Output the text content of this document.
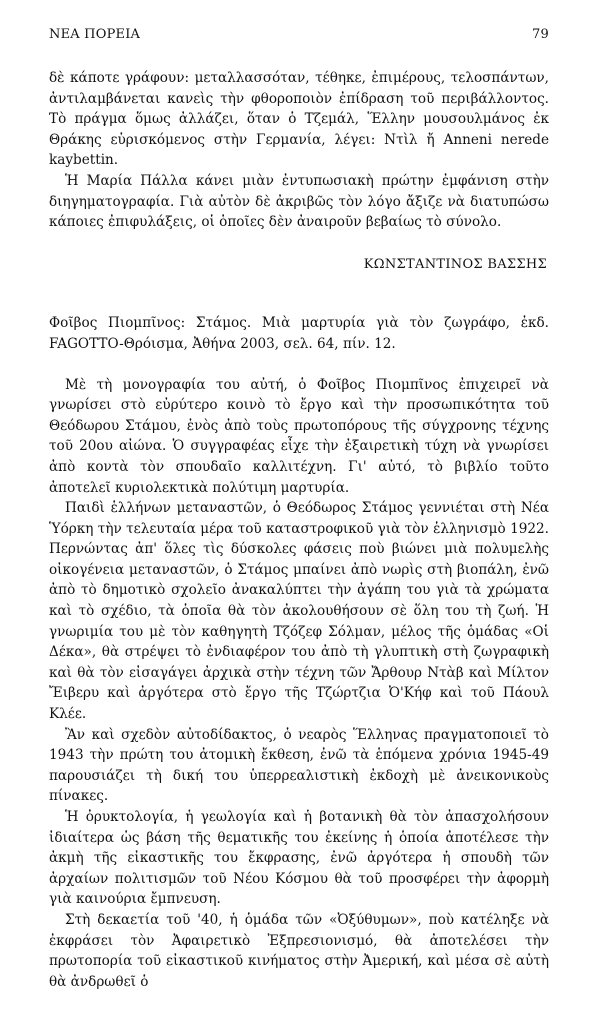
ΝΕΑ ΠΟΡΕΙΑ	79

δὲ κάποτε γράφουν: μεταλλασσόταν, τέθηκε, ἐπιμέρους, τελοσπάντων, ἀντιλαμβάνεται κανεὶς τὴν φθοροποιὸν ἐπίδραση τοῦ περιβάλλοντος. Τὸ πράγμα ὅμως ἀλλάζει, ὅταν ὁ Τζεμάλ, Ἕλλην μουσουλμάνος ἐκ Θράκης εὑρισκόμενος στὴν Γερμανία, λέγει: Ντὶλ ἤ Anneni nerede kaybettin.

Ἡ Μαρία Πάλλα κάνει μιὰν ἐντυπωσιακὴ πρώτην ἐμφάνιση στὴν διηγηματογραφία. Γιὰ αὐτὸν δὲ ἀκριβῶς τὸν λόγο ἄξιζε νὰ διατυπώσω κάποιες ἐπιφυλάξεις, οἱ ὁποῖες δὲν ἀναιροῦν βεβαίως τὸ σύνολο.

ΚΩΝΣΤΑΝΤΙΝΟΣ ΒΑΣΣΗΣ

Φοῖβος Πιομπῖνος: Στάμος. Μιὰ μαρτυρία γιὰ τὸν ζωγράφο, ἐκδ. FAGOTTO-Θρόισμα, Ἀθήνα 2003, σελ. 64, πίν. 12.

Μὲ τὴ μονογραφία του αὐτή, ὁ Φοῖβος Πιομπῖνος ἐπιχειρεῖ νὰ γνωρίσει στὸ εὐρύτερο κοινὸ τὸ ἔργο καὶ τὴν προσωπικότητα τοῦ Θεόδωρου Στάμου, ἑνὸς ἀπὸ τοὺς πρωτοπόρους τῆς σύγχρονης τέχνης τοῦ 20ου αἰώνα. Ὁ συγγραφέας εἶχε τὴν ἐξαιρετικὴ τύχη νὰ γνωρίσει ἀπὸ κοντὰ τὸν σπουδαῖο καλλιτέχνη. Γι' αὐτό, τὸ βιβλίο τοῦτο ἀποτελεῖ κυριολεκτικὰ πολύτιμη μαρτυρία.

Παιδὶ ἑλλήνων μεταναστῶν, ὁ Θεόδωρος Στάμος γεννιέται στὴ Νέα Ὑόρκη τὴν τελευταία μέρα τοῦ καταστροφικοῦ γιὰ τὸν ἑλληνισμὸ 1922. Περνώντας ἀπ' ὅλες τὶς δύσκολες φάσεις ποὺ βιώνει μιὰ πολυμελὴς οἰκογένεια μεταναστῶν, ὁ Στάμος μπαίνει ἀπὸ νωρὶς στὴ βιοπάλη, ἐνῶ ἀπὸ τὸ δημοτικὸ σχολεῖο ἀνακαλύπτει τὴν ἀγάπη του γιὰ τὰ χρώματα καὶ τὸ σχέδιο, τὰ ὁποῖα θὰ τὸν ἀκολουθήσουν σὲ ὅλη του τὴ ζωή. Ἡ γνωριμία του μὲ τὸν καθηγητὴ Τζόζεφ Σόλμαν, μέλος τῆς ὁμάδας «Οἱ Δέκα», θὰ στρέψει τὸ ἐνδιαφέρον του ἀπὸ τὴ γλυπτικὴ στὴ ζωγραφικὴ καὶ θὰ τὸν εἰσαγάγει ἀρχικὰ στὴν τέχνη τῶν Ἄρθουρ Ντὰβ καὶ Μίλτον Ἔιβερυ καὶ ἀργότερα στὸ ἔργο τῆς Τζώρτζια Ὀ'Κήφ καὶ τοῦ Πάουλ Κλέε.

Ἂν καὶ σχεδὸν αὐτοδίδακτος, ὁ νεαρὸς Ἕλληνας πραγματοποιεῖ τὸ 1943 τὴν πρώτη του ἀτομικὴ ἔκθεση, ἐνῶ τὰ ἑπόμενα χρόνια 1945-49 παρουσιάζει τὴ δική του ὑπερρεαλιστικὴ ἐκδοχὴ μὲ ἀνεικονικοὺς πίνακες.

Ἡ ὀρυκτολογία, ἡ γεωλογία καὶ ἡ βοτανικὴ θὰ τὸν ἀπασχολήσουν ἰδιαίτερα ὡς βάση τῆς θεματικῆς του ἐκείνης ἡ ὁποία ἀποτέλεσε τὴν ἀκμὴ τῆς εἰκαστικῆς του ἔκφρασης, ἐνῶ ἀργότερα ἡ σπουδὴ τῶν ἀρχαίων πολιτισμῶν τοῦ Νέου Κόσμου θὰ τοῦ προσφέρει τὴν ἀφορμὴ γιὰ καινούρια ἔμπνευση.

Στὴ δεκαετία τοῦ '40, ἡ ὁμάδα τῶν «Ὀξύθυμων», ποὺ κατέληξε νὰ ἐκφράσει τὸν Ἀφαιρετικὸ Ἐξπρεσιονισμό, θὰ ἀποτελέσει τὴν πρωτοπορία τοῦ εἰκαστικοῦ κινήματος στὴν Ἀμερική, καὶ μέσα σὲ αὐτὴ θὰ ἀνδρωθεῖ ὁ
